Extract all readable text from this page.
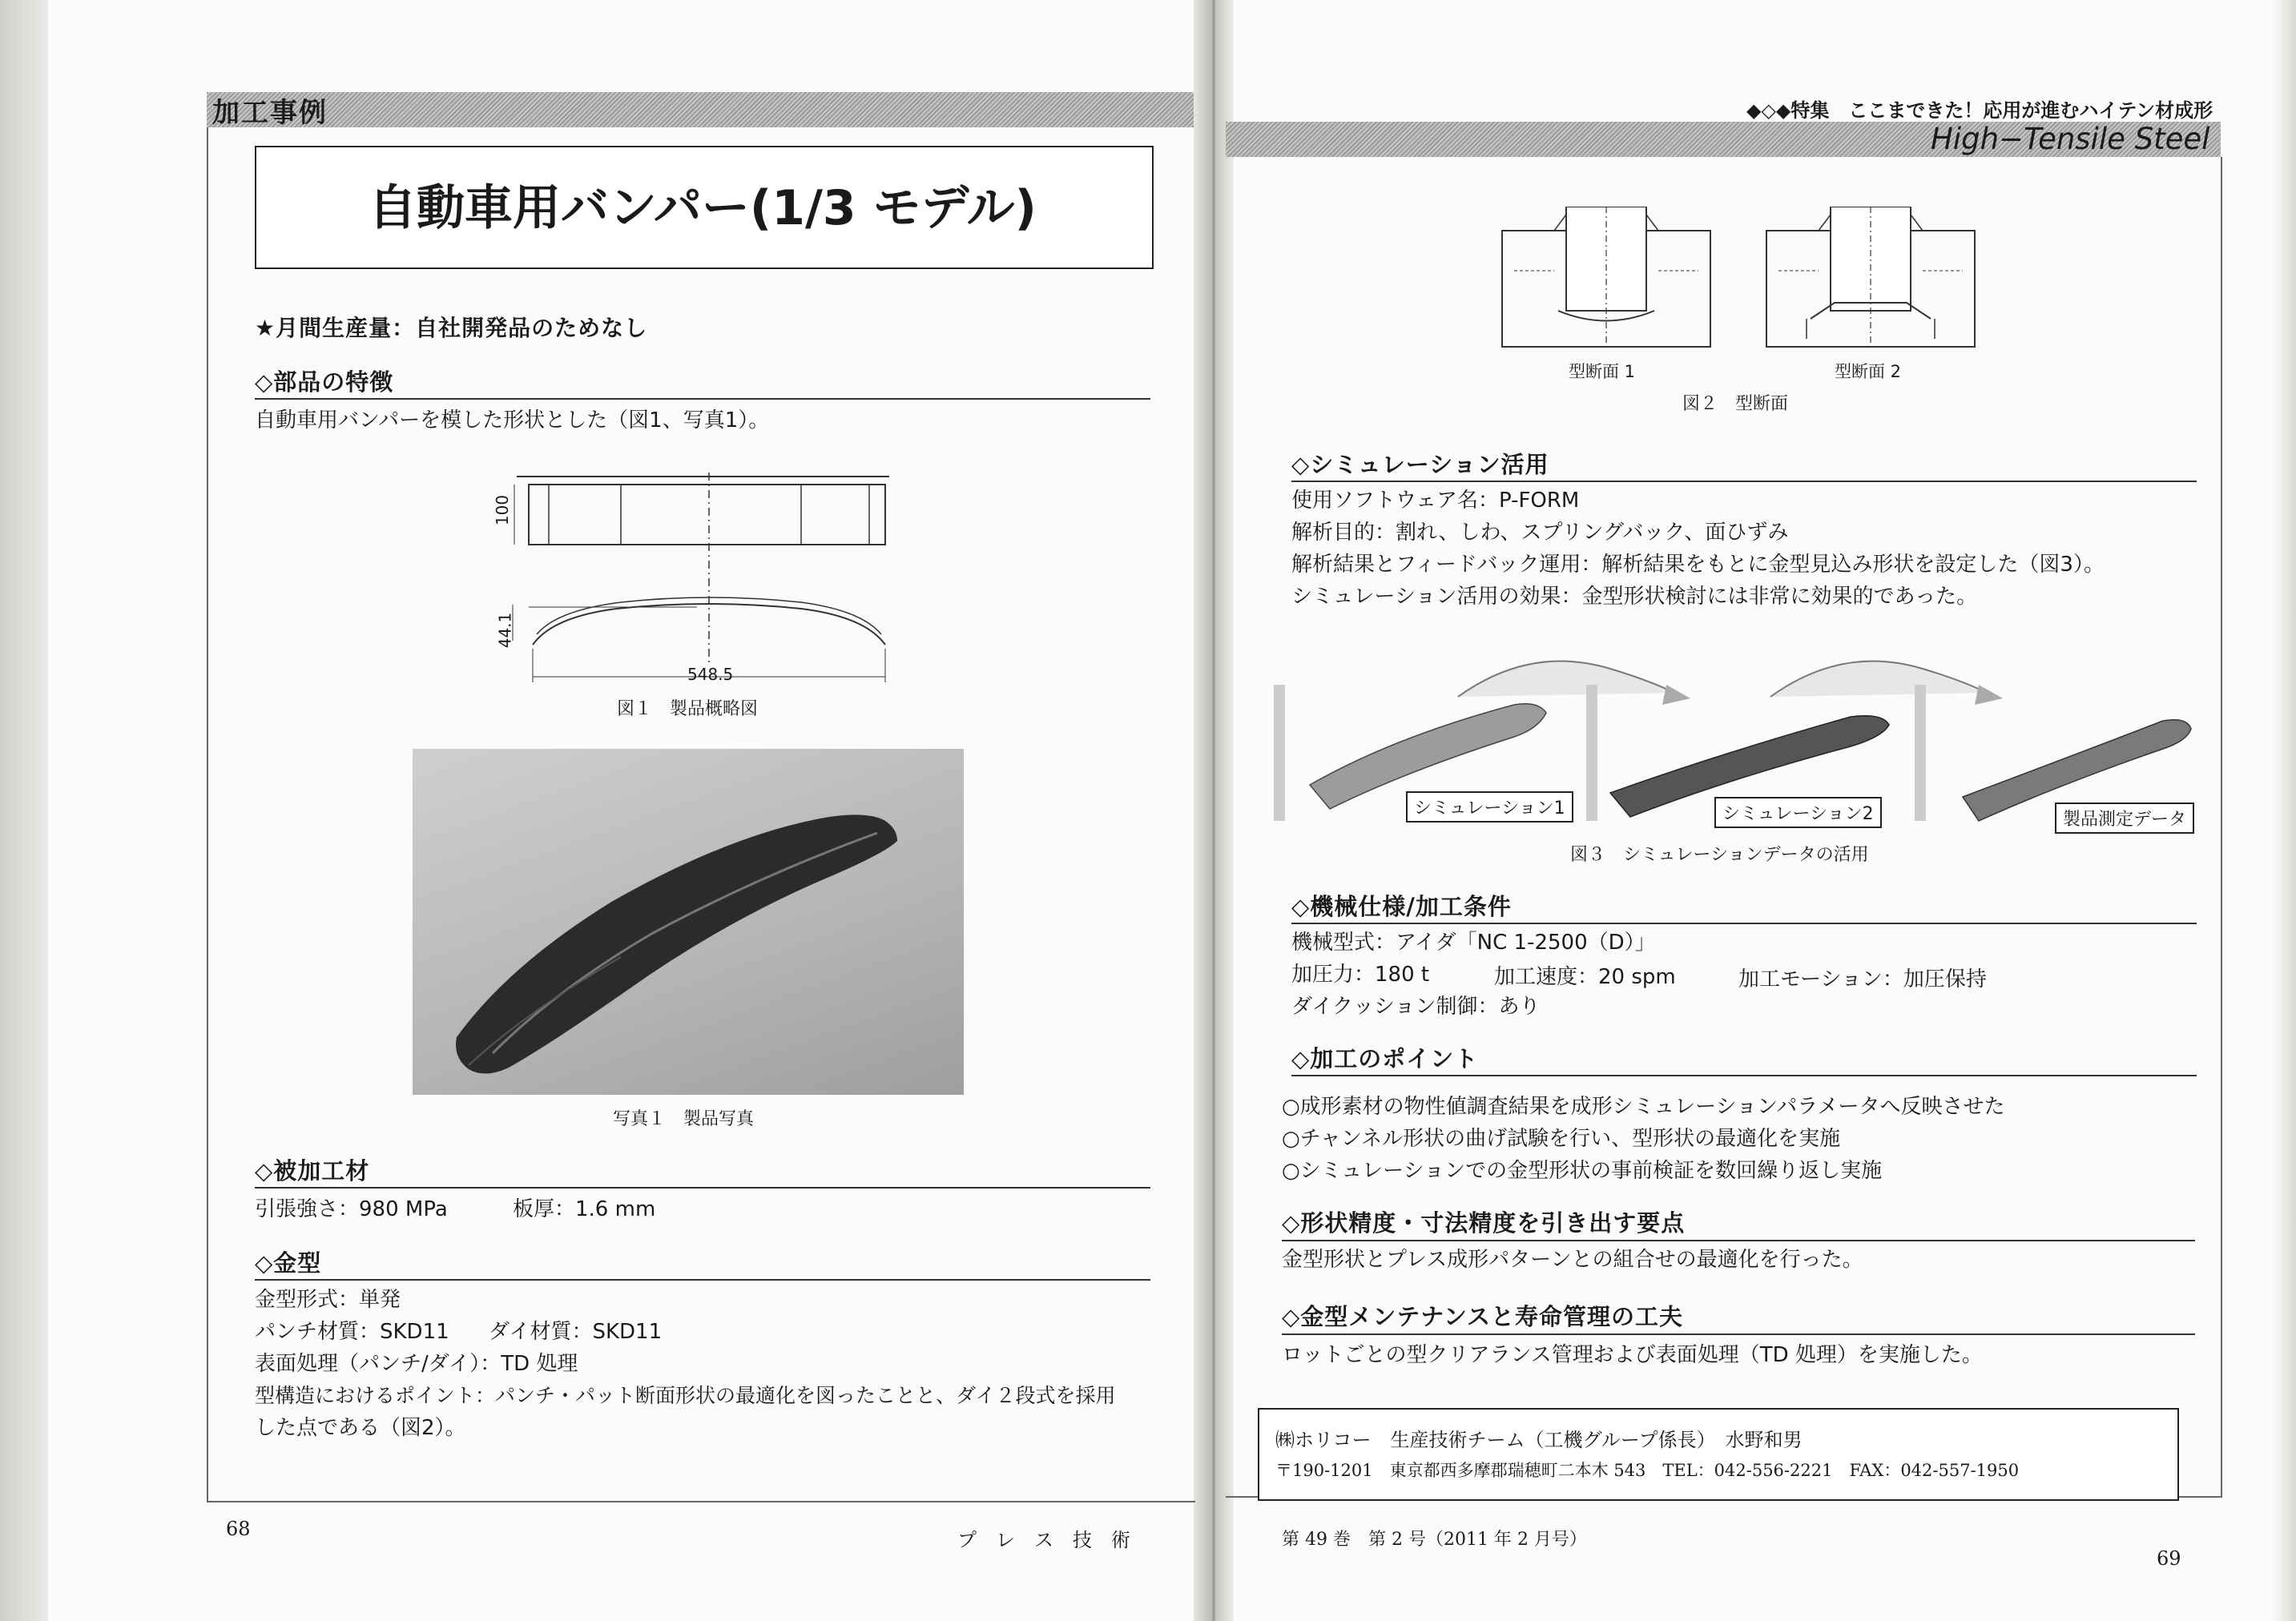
加工事例
自動車用バンパー(1/3 モデル)
★月間生産量：自社開発品のためなし
◇部品の特徴
自動車用バンパーを模した形状とした（図1、写真1）。
100
44.1
548.5
図１　製品概略図
写真１　製品写真
◇被加工材
引張強さ：980 MPa	板厚：1.6 mm
◇金型
金型形式：単発
パンチ材質：SKD11 ダイ材質：SKD11
表面処理（パンチ/ダイ）：TD 処理
型構造におけるポイント：パンチ・パット断面形状の最適化を図ったことと、ダイ２段式を採用
した点である（図2）。
68	プ　レ　ス　技　術
◆◇◆特集　ここまできた！応用が進むハイテン材成形
High−Tensile Steel
型断面 1	型断面 2
図２　型断面
◇シミュレーション活用
使用ソフトウェア名：P-FORM
解析目的：割れ、しわ、スプリングバック、面ひずみ
解析結果とフィードバック運用：解析結果をもとに金型見込み形状を設定した（図3）。
シミュレーション活用の効果：金型形状検討には非常に効果的であった。
シミュレーション1	シミュレーション2	製品測定データ
図３　シミュレーションデータの活用
◇機械仕様/加工条件
機械型式：アイダ「NC 1-2500（D）」
加圧力：180 t	加工速度：20 spm	加工モーション：加圧保持
ダイクッション制御：あり
◇加工のポイント
○成形素材の物性値調査結果を成形シミュレーションパラメータへ反映させた
○チャンネル形状の曲げ試験を行い、型形状の最適化を実施
○シミュレーションでの金型形状の事前検証を数回繰り返し実施
◇形状精度・寸法精度を引き出す要点
金型形状とプレス成形パターンとの組合せの最適化を行った。
◇金型メンテナンスと寿命管理の工夫
ロットごとの型クリアランス管理および表面処理（TD 処理）を実施した。
㈱ホリコー　生産技術チーム（工機グループ係長）　水野和男
〒190-1201　東京都西多摩郡瑞穂町二本木 543　TEL：042-556-2221　FAX：042-557-1950
第 49 巻　第 2 号（2011 年 2 月号）
69
